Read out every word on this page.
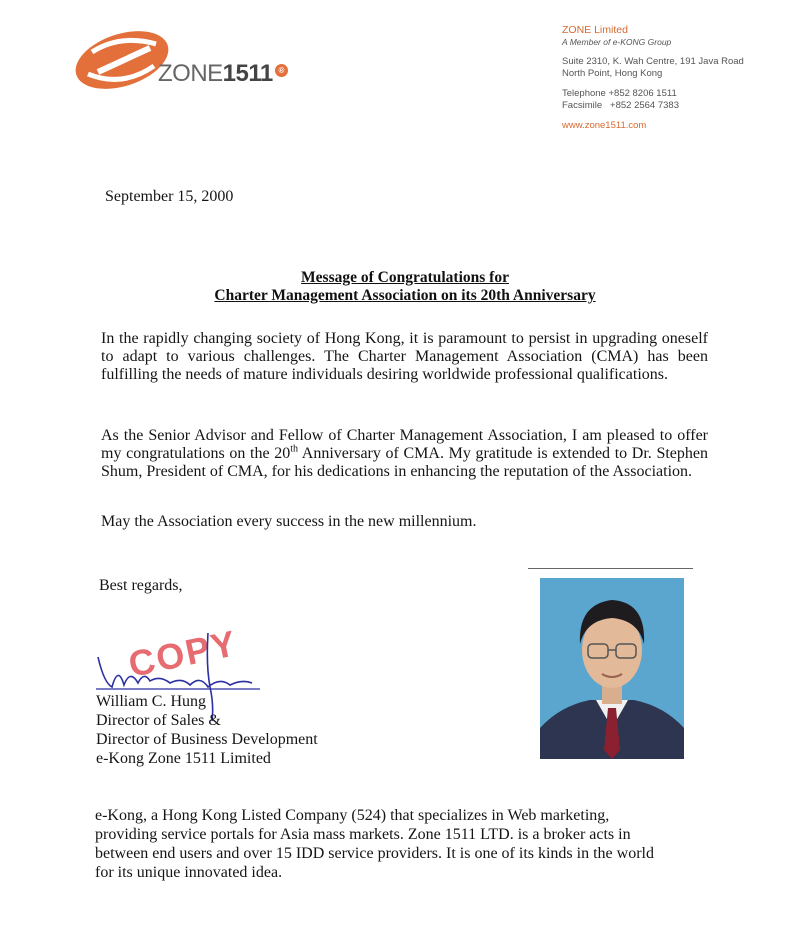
ZONE1511 ®
ZONE Limited
A Member of e-KONG Group
Suite 2310, K. Wah Centre, 191 Java Road
North Point, Hong Kong
Telephone +852 8206 1511
Facsimile   +852 2564 7383
www.zone1511.com
September 15, 2000
Message of Congratulations for
Charter Management Association on its 20th Anniversary
In the rapidly changing society of Hong Kong, it is paramount to persist in upgrading oneself to adapt to various challenges. The Charter Management Association (CMA) has been fulfilling the needs of mature individuals desiring worldwide professional qualifications.
As the Senior Advisor and Fellow of Charter Management Association, I am pleased to offer my congratulations on the 20th Anniversary of CMA. My gratitude is extended to Dr. Stephen Shum, President of CMA, for his dedications in enhancing the reputation of the Association.
May the Association every success in the new millennium.
Best regards,
COPY
William C. Hung
Director of Sales &
Director of Business Development
e-Kong Zone 1511 Limited
e-Kong, a Hong Kong Listed Company (524) that specializes in Web marketing,
providing service portals for Asia mass markets. Zone 1511 LTD. is a broker acts in
between end users and over 15 IDD service providers. It is one of its kinds in the world
for its unique innovated idea.
